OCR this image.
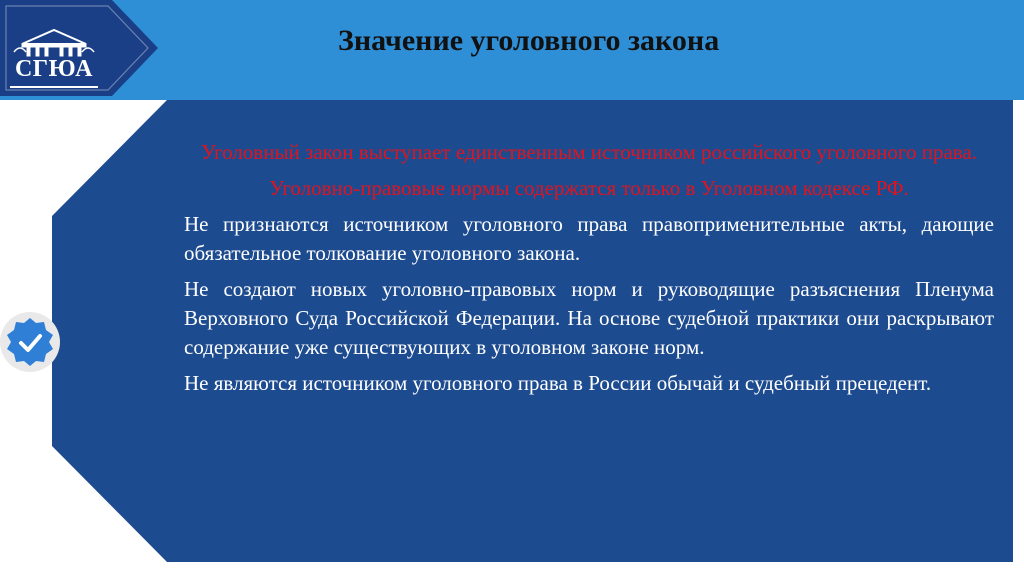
СГЮА
Значение уголовного закона

Уголовный закон выступает единственным источником российского уголовного права.

Уголовно-правовые нормы содержатся только в Уголовном кодексе РФ.

Не признаются источником уголовного права правоприменительные акты, дающие обязательное толкование уголовного закона.

Не создают новых уголовно-правовых норм и руководящие разъяснения Пленума Верховного Суда Российской Федерации. На основе судебной практики они раскрывают содержание уже существующих в уголовном законе норм.

Не являются источником уголовного права в России обычай и судебный прецедент.
